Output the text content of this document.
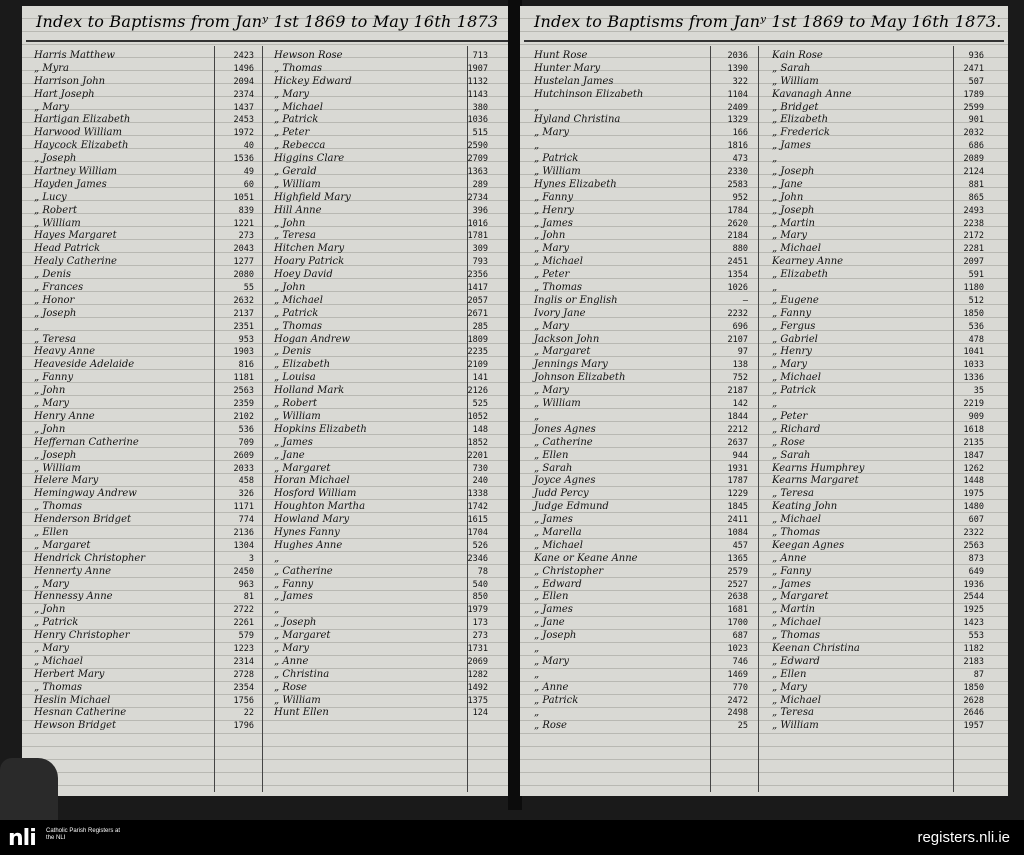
Index to Baptisms from Janʸ 1st 1869 to May 16th 1873
Harris Matthew	2423
„ Myra	1496
Harrison John	2094
Hart Joseph	2374
„ Mary	1437
Hartigan Elizabeth	2453
Harwood William	1972
Haycock Elizabeth	40
„ Joseph	1536
Hartney William	49
Hayden James	60
„ Lucy	1051
„ Robert	839
„ William	1221
Hayes Margaret	273
Head Patrick	2043
Healy Catherine	1277
„ Denis	2080
„ Frances	55
„ Honor	2632
„ Joseph	2137
„	2351
„ Teresa	953
Heavy Anne	1903
Heaveside Adelaide	816
„ Fanny	1181
„ John	2563
„ Mary	2359
Henry Anne	2102
„ John	536
Heffernan Catherine	709
„ Joseph	2609
„ William	2033
Helere Mary	458
Hemingway Andrew	326
„ Thomas	1171
Henderson Bridget	774
„ Ellen	2136
„ Margaret	1304
Hendrick Christopher	3
Hennerty Anne	2450
„ Mary	963
Hennessy Anne	81
„ John	2722
„ Patrick	2261
Henry Christopher	579
„ Mary	1223
„ Michael	2314
Herbert Mary	2728
„ Thomas	2354
Heslin Michael	1756
Hesnan Catherine	22
Hewson Bridget	1796
Hewson Rose	713
„ Thomas	1907
Hickey Edward	1132
„ Mary	1143
„ Michael	380
„ Patrick	1036
„ Peter	515
„ Rebecca	2590
Higgins Clare	2709
„ Gerald	1363
„ William	289
Highfield Mary	2734
Hill Anne	396
„ John	1016
„ Teresa	1781
Hitchen Mary	309
Hoary Patrick	793
Hoey David	2356
„ John	1417
„ Michael	2057
„ Patrick	2671
„ Thomas	285
Hogan Andrew	1809
„ Denis	2235
„ Elizabeth	2109
„ Louisa	141
Holland Mark	2126
„ Robert	525
„ William	1052
Hopkins Elizabeth	148
„ James	1852
„ Jane	2201
„ Margaret	730
Horan Michael	240
Hosford William	1338
Houghton Martha	1742
Howland Mary	1615
Hynes Fanny	1704
Hughes Anne	526
„	2346
„ Catherine	78
„ Fanny	540
„ James	850
„	1979
„ Joseph	173
„ Margaret	273
„ Mary	1731
„ Anne	2069
„ Christina	1282
„ Rose	1492
„ William	1375
Hunt Ellen	124
Index to Baptisms from Janʸ 1st 1869 to May 16th 1873.
Hunt Rose	2036
Hunter Mary	1390
Hustelan James	322
Hutchinson Elizabeth	1104
„	2409
Hyland Christina	1329
„ Mary	166
„	1816
„ Patrick	473
„ William	2330
Hynes Elizabeth	2583
„ Fanny	952
„ Henry	1784
„ James	2620
„ John	2184
„ Mary	880
„ Michael	2451
„ Peter	1354
„ Thomas	1026
Inglis or English	—
Ivory Jane	2232
„ Mary	696
Jackson John	2107
„ Margaret	97
Jennings Mary	138
Johnson Elizabeth	752
„ Mary	2187
„ William	142
„	1844
Jones Agnes	2212
„ Catherine	2637
„ Ellen	944
„ Sarah	1931
Joyce Agnes	1787
Judd Percy	1229
Judge Edmund	1845
„ James	2411
„ Marella	1084
„ Michael	457
Kane or Keane Anne	1365
„ Christopher	2579
„ Edward	2527
„ Ellen	2638
„ James	1681
„ Jane	1700
„ Joseph	687
„	1023
„ Mary	746
„	1469
„ Anne	770
„ Patrick	2472
„	2498
„ Rose	25
Kain Rose	936
„ Sarah	2471
„ William	507
Kavanagh Anne	1789
„ Bridget	2599
„ Elizabeth	901
„ Frederick	2032
„ James	686
„	2089
„ Joseph	2124
„ Jane	881
„ John	865
„ Joseph	2493
„ Martin	2238
„ Mary	2172
„ Michael	2281
Kearney Anne	2097
„ Elizabeth	591
„	1180
„ Eugene	512
„ Fanny	1850
„ Fergus	536
„ Gabriel	478
„ Henry	1041
„ Mary	1033
„ Michael	1336
„ Patrick	35
„	2219
„ Peter	909
„ Richard	1618
„ Rose	2135
„ Sarah	1847
Kearns Humphrey	1262
Kearns Margaret	1448
„ Teresa	1975
Keating John	1480
„ Michael	607
„ Thomas	2322
Keegan Agnes	2563
„ Anne	873
„ Fanny	649
„ James	1936
„ Margaret	2544
„ Martin	1925
„ Michael	1423
„ Thomas	553
Keenan Christina	1182
„ Edward	2183
„ Ellen	87
„ Mary	1850
„ Michael	2628
„ Teresa	2646
„ William	1957
nli Catholic Parish Registers at the NLI	registers.nli.ie
